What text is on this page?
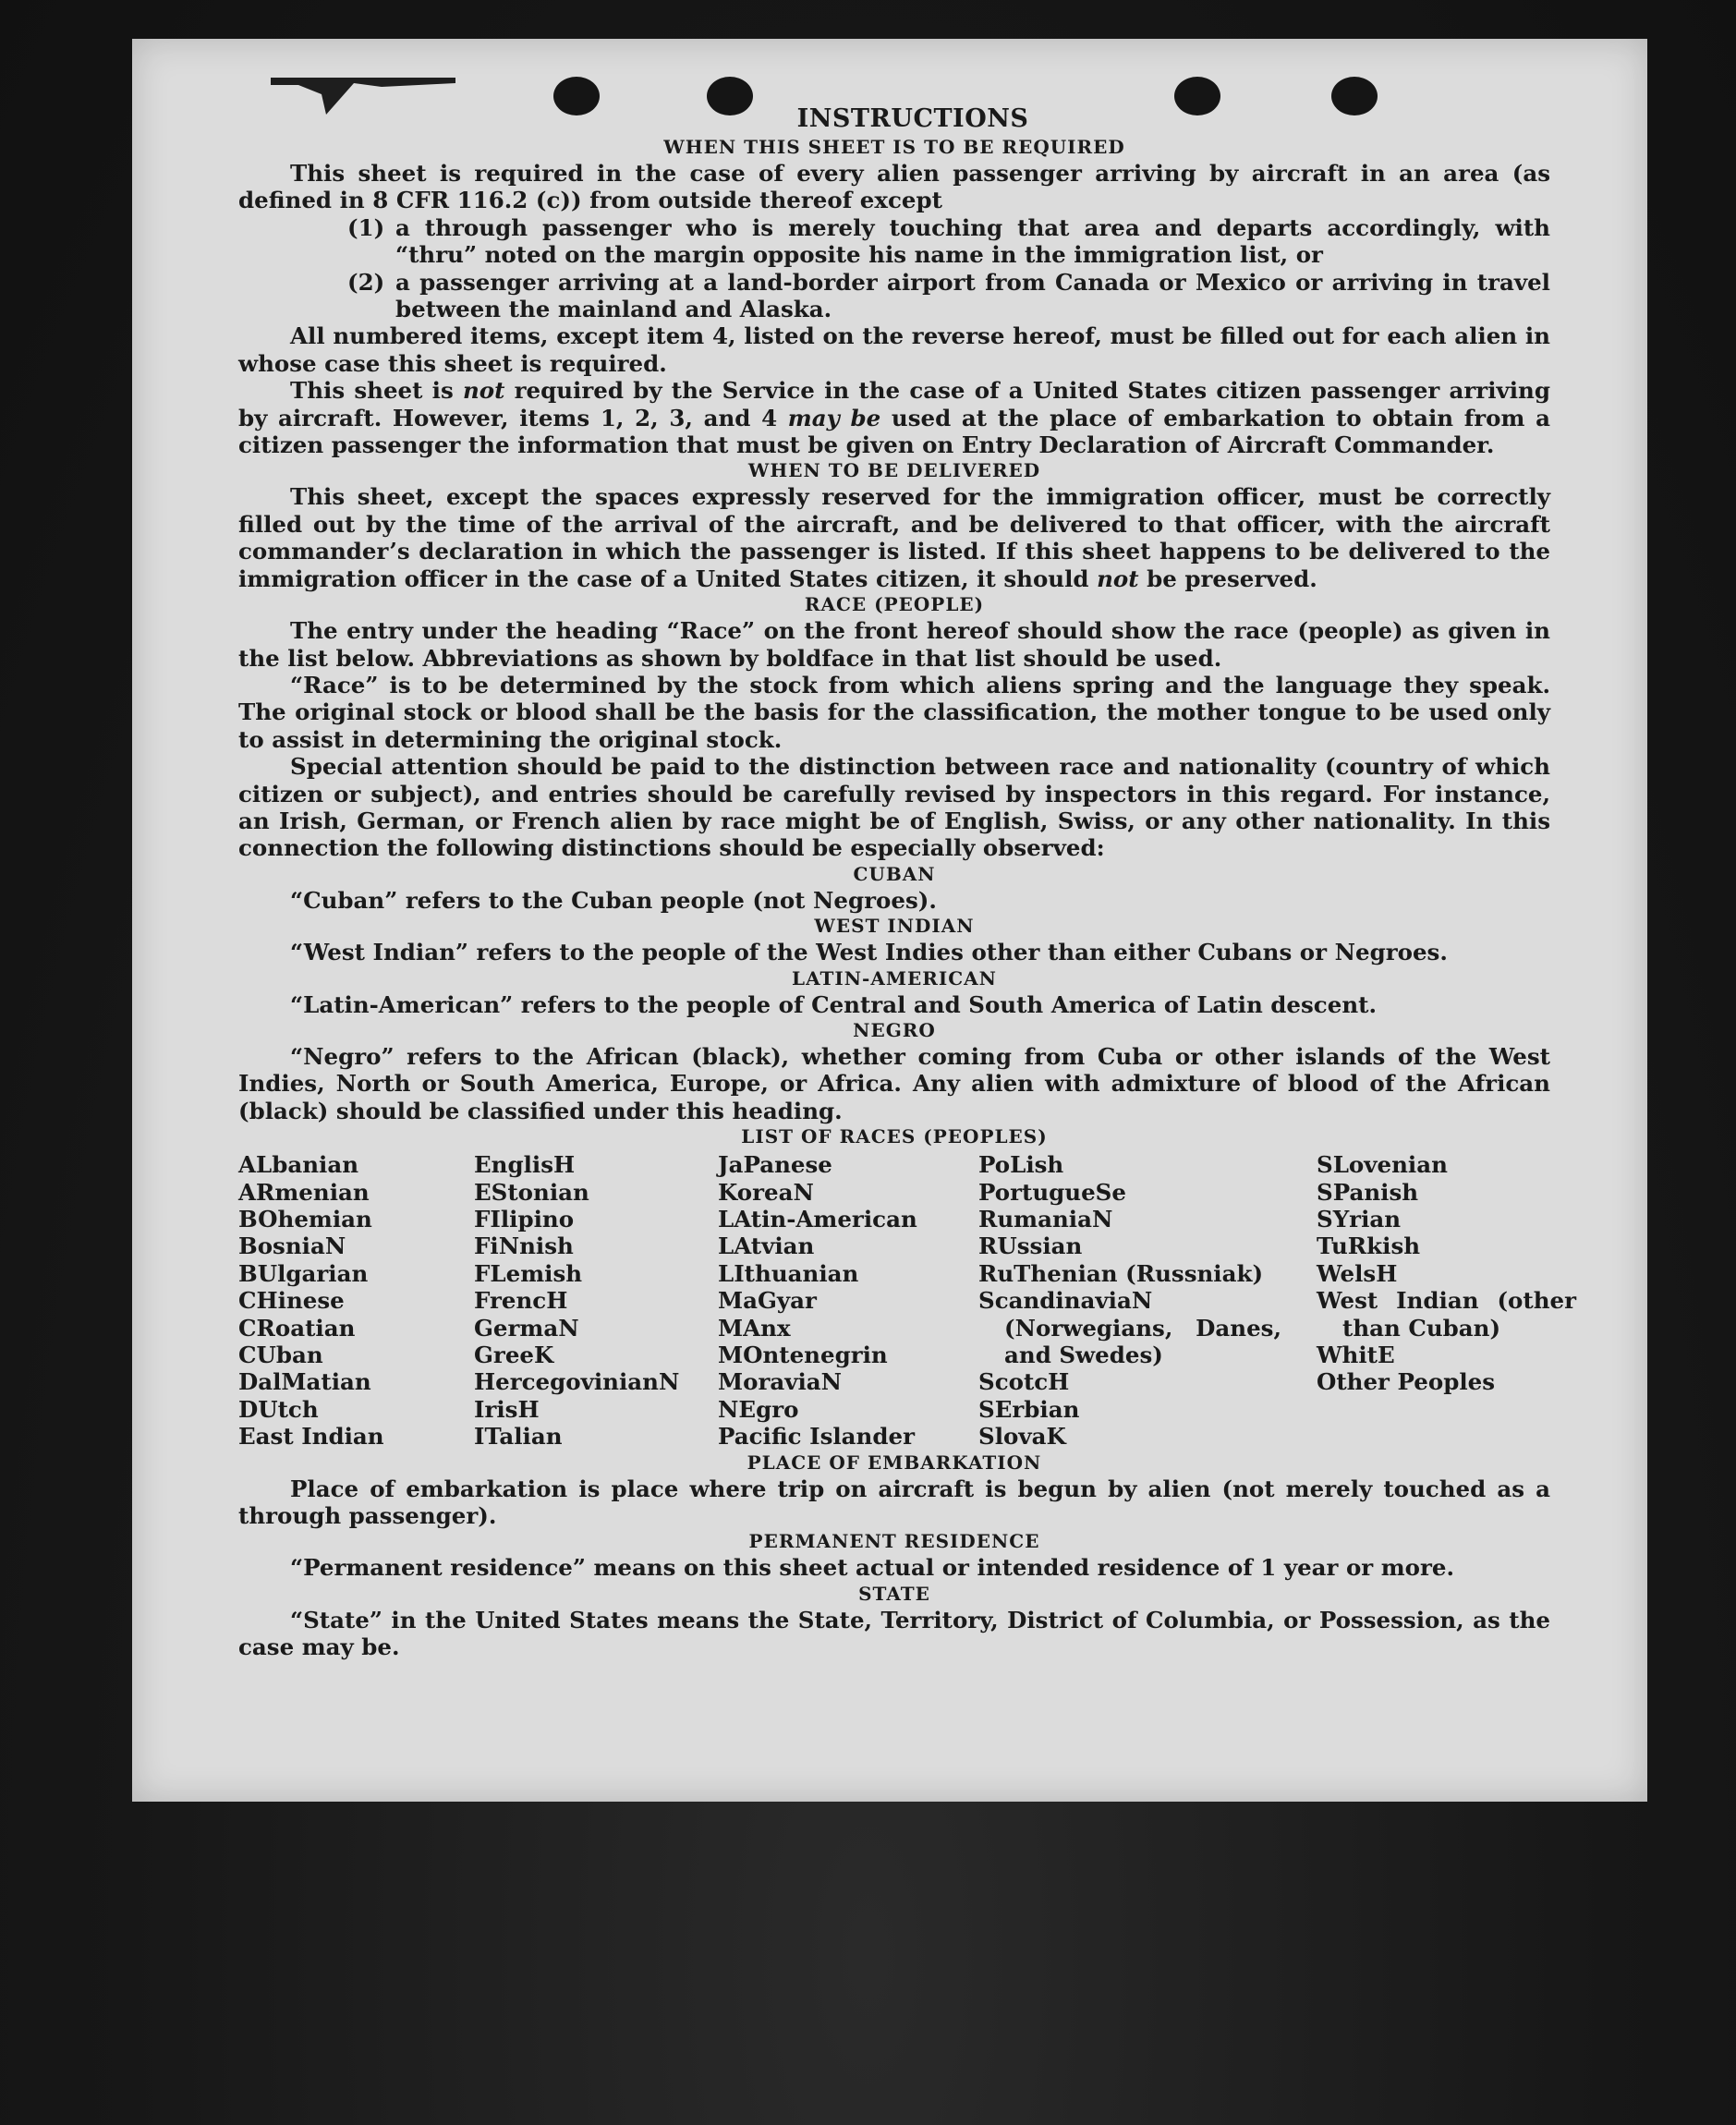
INSTRUCTIONS
WHEN THIS SHEET IS TO BE REQUIRED

This sheet is required in the case of every alien passenger arriving by aircraft in an area (as defined in 8 CFR 116.2 (c)) from outside thereof except

(1) a through passenger who is merely touching that area and departs accordingly, with “thru” noted on the margin opposite his name in the immigration list, or
(2) a passenger arriving at a land-border airport from Canada or Mexico or arriving in travel between the mainland and Alaska.

All numbered items, except item 4, listed on the reverse hereof, must be filled out for each alien in whose case this sheet is required.

This sheet is not required by the Service in the case of a United States citizen passenger arriving by aircraft. However, items 1, 2, 3, and 4 may be used at the place of embarkation to obtain from a citizen passenger the information that must be given on Entry Declaration of Aircraft Commander.

WHEN TO BE DELIVERED

This sheet, except the spaces expressly reserved for the immigration officer, must be correctly filled out by the time of the arrival of the aircraft, and be delivered to that officer, with the aircraft commander’s declaration in which the passenger is listed. If this sheet happens to be delivered to the immigration officer in the case of a United States citizen, it should not be preserved.

RACE (PEOPLE)

The entry under the heading “Race” on the front hereof should show the race (people) as given in the list below. Abbreviations as shown by boldface in that list should be used.

“Race” is to be determined by the stock from which aliens spring and the language they speak. The original stock or blood shall be the basis for the classification, the mother tongue to be used only to assist in determining the original stock.

Special attention should be paid to the distinction between race and nationality (country of which citizen or subject), and entries should be carefully revised by inspectors in this regard. For instance, an Irish, German, or French alien by race might be of English, Swiss, or any other nationality. In this connection the following distinctions should be especially observed:

CUBAN

“Cuban” refers to the Cuban people (not Negroes).

WEST INDIAN

“West Indian” refers to the people of the West Indies other than either Cubans or Negroes.

LATIN-AMERICAN

“Latin-American” refers to the people of Central and South America of Latin descent.

NEGRO

“Negro” refers to the African (black), whether coming from Cuba or other islands of the West Indies, North or South America, Europe, or Africa. Any alien with admixture of blood of the African (black) should be classified under this heading.

LIST OF RACES (PEOPLES)
ALbanian
ARmenian
BOhemian
BosniaN
BUlgarian
CHinese
CRoatian
CUban
DalMatian
DUtch
East Indian
EnglisH
EStonian
FIlipino
FiNnish
FLemish
FrencH
GermaN
GreeK
HercegovinianN
IrisH
ITalian
JaPanese
KoreaN
LAtin-American
LAtvian
LIthuanian
MaGyar
MAnx
MOntenegrin
MoraviaN
NEgro
Pacific Islander
PoLish
PortugueSe
RumaniaN
RUssian
RuThenian (Russniak)
ScandinaviaN (Norwegians, Danes, and Swedes)
ScotcH
SErbian
SlovaK
SLovenian
SPanish
SYrian
TuRkish
WelsH
West Indian (other than Cuban)
WhitE
Other Peoples
PLACE OF EMBARKATION

Place of embarkation is place where trip on aircraft is begun by alien (not merely touched as a through passenger).

PERMANENT RESIDENCE

“Permanent residence” means on this sheet actual or intended residence of 1 year or more.

STATE

“State” in the United States means the State, Territory, District of Columbia, or Possession, as the case may be.
